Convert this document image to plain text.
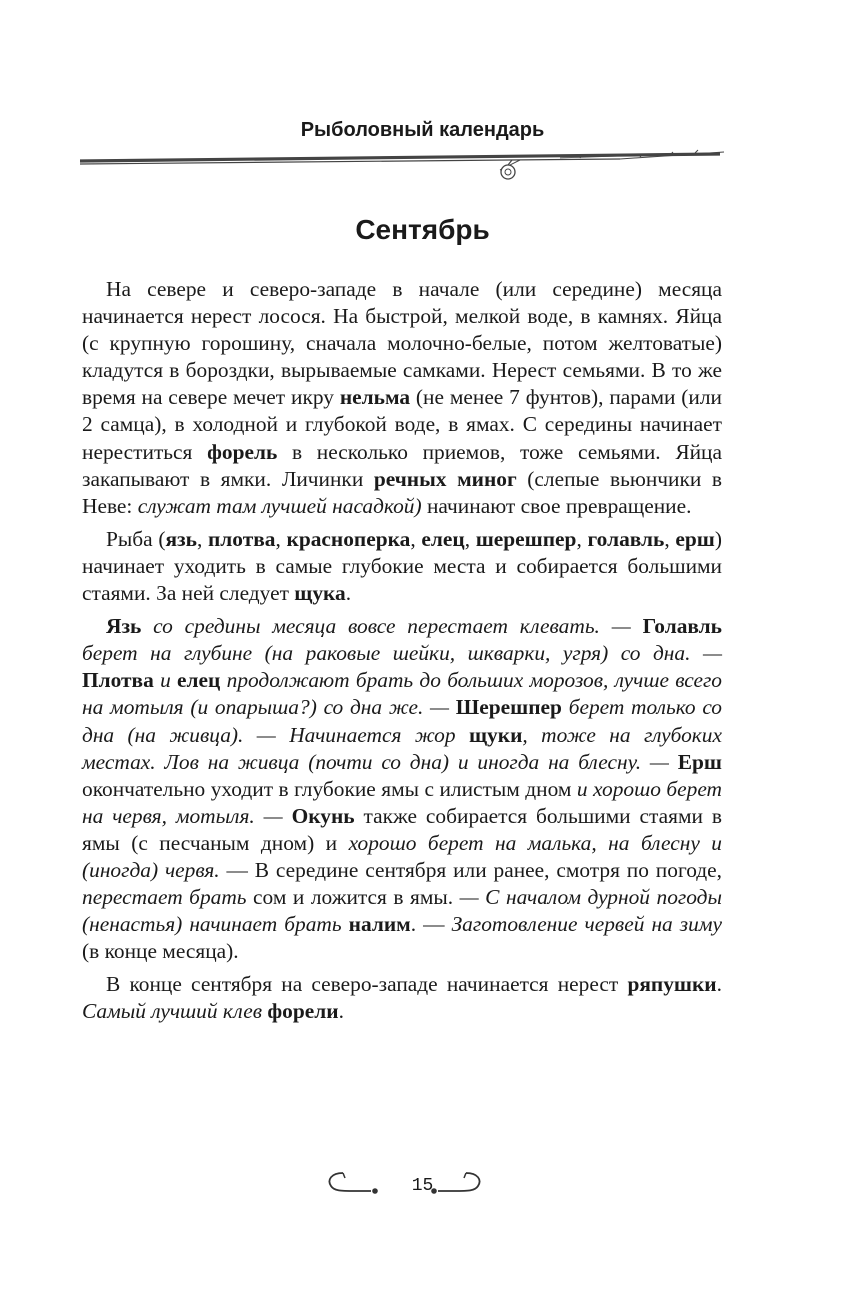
Рыболовный календарь
Сентябрь

На севере и северо-западе в начале (или середине) месяца начинается нерест лосося. На быстрой, мелкой воде, в камнях. Яйца (с крупную горошину, сначала молочно-белые, потом желтоватые) кладутся в бороздки, вырываемые самками. Нерест семьями. В то же время на севере мечет икру нельма (не менее 7 фунтов), парами (или 2 самца), в холодной и глубокой воде, в ямах. С середины начинает нереститься форель в несколько приемов, тоже семьями. Яйца закапывают в ямки. Личинки речных миног (слепые вьюнчики в Неве: служат там лучшей насадкой) начинают свое превращение.

Рыба (язь, плотва, красноперка, елец, шерешпер, голавль, ерш) начинает уходить в самые глубокие места и собирается большими стаями. За ней следует щука.

Язь со средины месяца вовсе перестает клевать. — Голавль берет на глубине (на раковые шейки, шкварки, угря) со дна. — Плотва и елец продолжают брать до больших морозов, лучше всего на мотыля (и опарыша?) со дна же. — Шерешпер берет только со дна (на живца). — Начинается жор щуки, тоже на глубоких местах. Лов на живца (почти со дна) и иногда на блесну. — Ерш окончательно уходит в глубокие ямы с илистым дном и хорошо берет на червя, мотыля. — Окунь также собирается большими стаями в ямы (с песчаным дном) и хорошо берет на малька, на блесну и (иногда) червя. — В середине сентября или ранее, смотря по погоде, перестает брать сом и ложится в ямы. — С началом дурной погоды (ненастья) начинает брать налим. — Заготовление червей на зиму (в конце месяца).

В конце сентября на северо-западе начинается нерест ряпушки. Самый лучший клев форели.

15
